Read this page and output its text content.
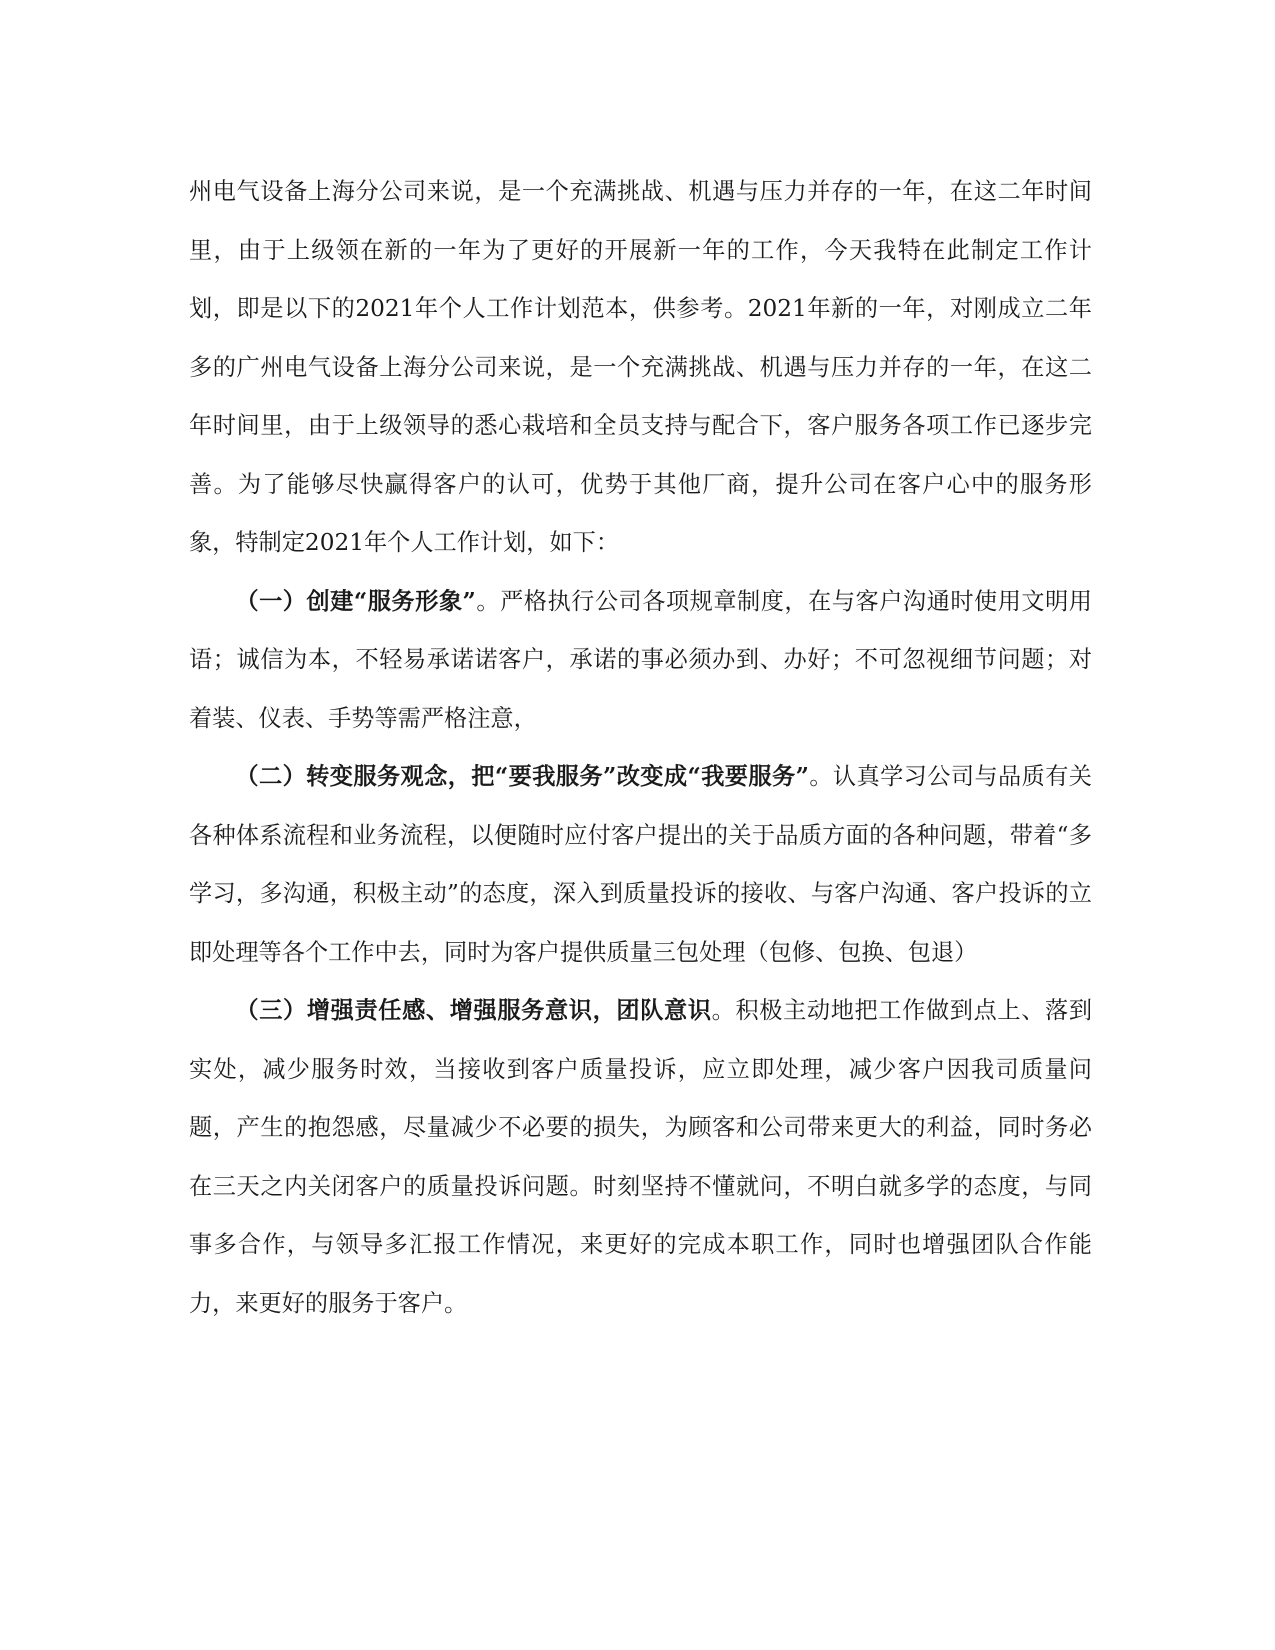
州电气设备上海分公司来说，是一个充满挑战、机遇与压力并存的一年，在这二年时间里，由于上级领在新的一年为了更好的开展新一年的工作，今天我特在此制定工作计划，即是以下的2021年个人工作计划范本，供参考。2021年新的一年，对刚成立二年多的广州电气设备上海分公司来说，是一个充满挑战、机遇与压力并存的一年，在这二年时间里，由于上级领导的悉心栽培和全员支持与配合下，客户服务各项工作已逐步完善。为了能够尽快赢得客户的认可，优势于其他厂商，提升公司在客户心中的服务形象，特制定2021年个人工作计划，如下：

（一）创建“服务形象”。严格执行公司各项规章制度，在与客户沟通时使用文明用语；诚信为本，不轻易承诺诺客户，承诺的事必须办到、办好；不可忽视细节问题；对着装、仪表、手势等需严格注意，

（二）转变服务观念，把“要我服务”改变成“我要服务”。认真学习公司与品质有关各种体系流程和业务流程，以便随时应付客户提出的关于品质方面的各种问题，带着“多学习，多沟通，积极主动”的态度，深入到质量投诉的接收、与客户沟通、客户投诉的立即处理等各个工作中去，同时为客户提供质量三包处理（包修、包换、包退）

（三）增强责任感、增强服务意识，团队意识。积极主动地把工作做到点上、落到实处，减少服务时效，当接收到客户质量投诉，应立即处理，减少客户因我司质量问题，产生的抱怨感，尽量减少不必要的损失，为顾客和公司带来更大的利益，同时务必在三天之内关闭客户的质量投诉问题。时刻坚持不懂就问，不明白就多学的态度，与同事多合作，与领导多汇报工作情况，来更好的完成本职工作，同时也增强团队合作能力，来更好的服务于客户。
